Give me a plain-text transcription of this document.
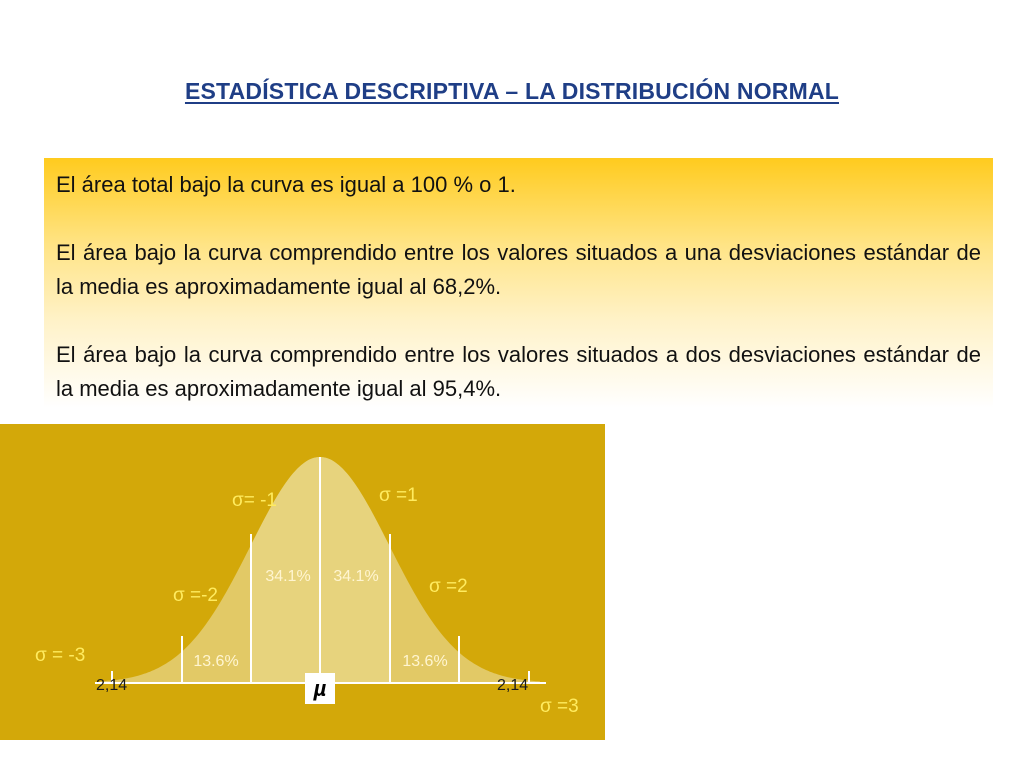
ESTADÍSTICA DESCRIPTIVA – LA DISTRIBUCIÓN NORMAL

El área total bajo la curva es igual a 100 % o 1.

El área bajo la curva comprendido entre los valores situados a una desviaciones estándar de la media es aproximadamente igual al 68,2%.

El área bajo la curva comprendido entre los valores situados a dos desviaciones estándar de la media es aproximadamente igual al 95,4%.

13.6%
34.1% 34.1%
13.6%
σ = -3
σ =-2
σ= -1	σ =1
σ =2
σ =3
2,14	2,14
µ
